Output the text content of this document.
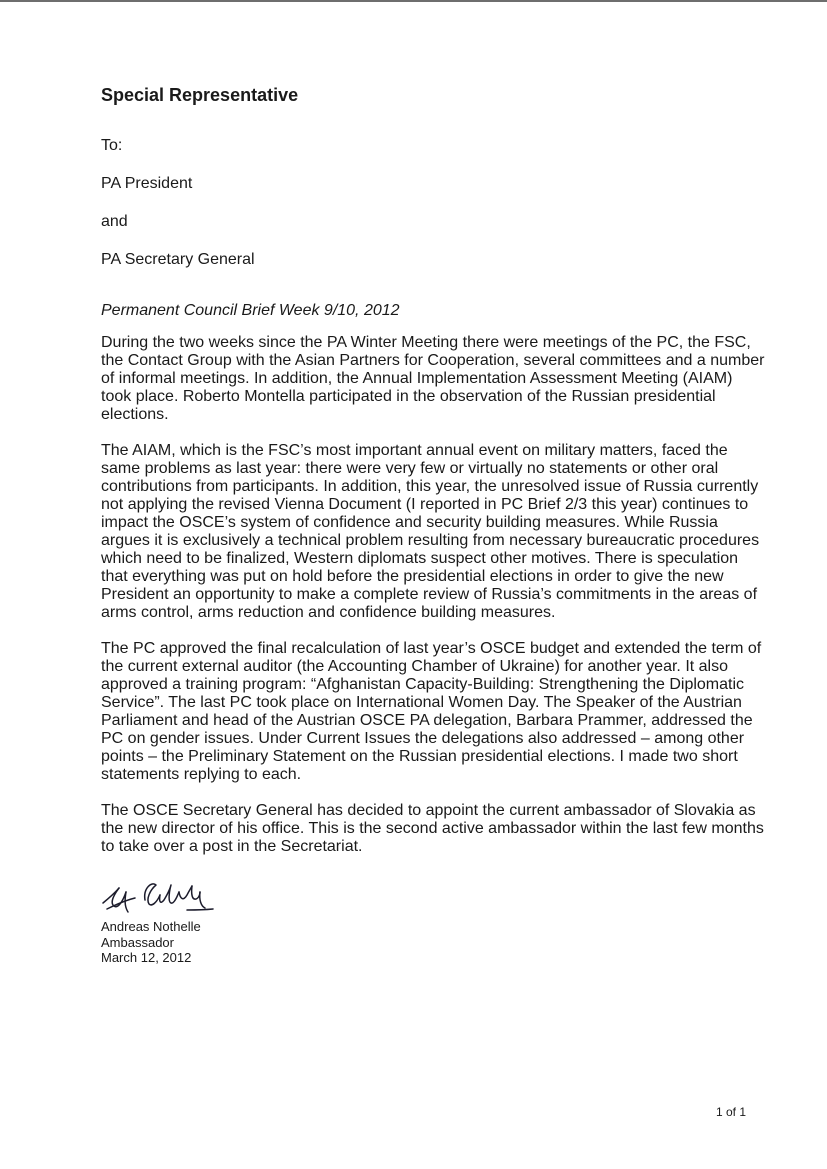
Special Representative
To:
PA President
and
PA Secretary General
Permanent Council Brief Week 9/10, 2012

During the two weeks since the PA Winter Meeting there were meetings of the PC, the FSC, the Contact Group with the Asian Partners for Cooperation, several committees and a number of informal meetings. In addition, the Annual Implementation Assessment Meeting (AIAM) took place. Roberto Montella participated in the observation of the Russian presidential elections.

The AIAM, which is the FSC’s most important annual event on military matters, faced the same problems as last year: there were very few or virtually no statements or other oral contributions from participants. In addition, this year, the unresolved issue of Russia currently not applying the revised Vienna Document (I reported in PC Brief 2/3 this year) continues to impact the OSCE’s system of confidence and security building measures. While Russia argues it is exclusively a technical problem resulting from necessary bureaucratic procedures which need to be finalized, Western diplomats suspect other motives. There is speculation that everything was put on hold before the presidential elections in order to give the new President an opportunity to make a complete review of Russia’s commitments in the areas of arms control, arms reduction and confidence building measures.

The PC approved the final recalculation of last year’s OSCE budget and extended the term of the current external auditor (the Accounting Chamber of Ukraine) for another year. It also approved a training program: “Afghanistan Capacity-Building: Strengthening the Diplomatic Service”. The last PC took place on International Women Day. The Speaker of the Austrian Parliament and head of the Austrian OSCE PA delegation, Barbara Prammer, addressed the PC on gender issues. Under Current Issues the delegations also addressed – among other points – the Preliminary Statement on the Russian presidential elections. I made two short statements replying to each.

The OSCE Secretary General has decided to appoint the current ambassador of Slovakia as the new director of his office. This is the second active ambassador within the last few months to take over a post in the Secretariat.

Andreas Nothelle
Ambassador
March 12, 2012
1 of 1
